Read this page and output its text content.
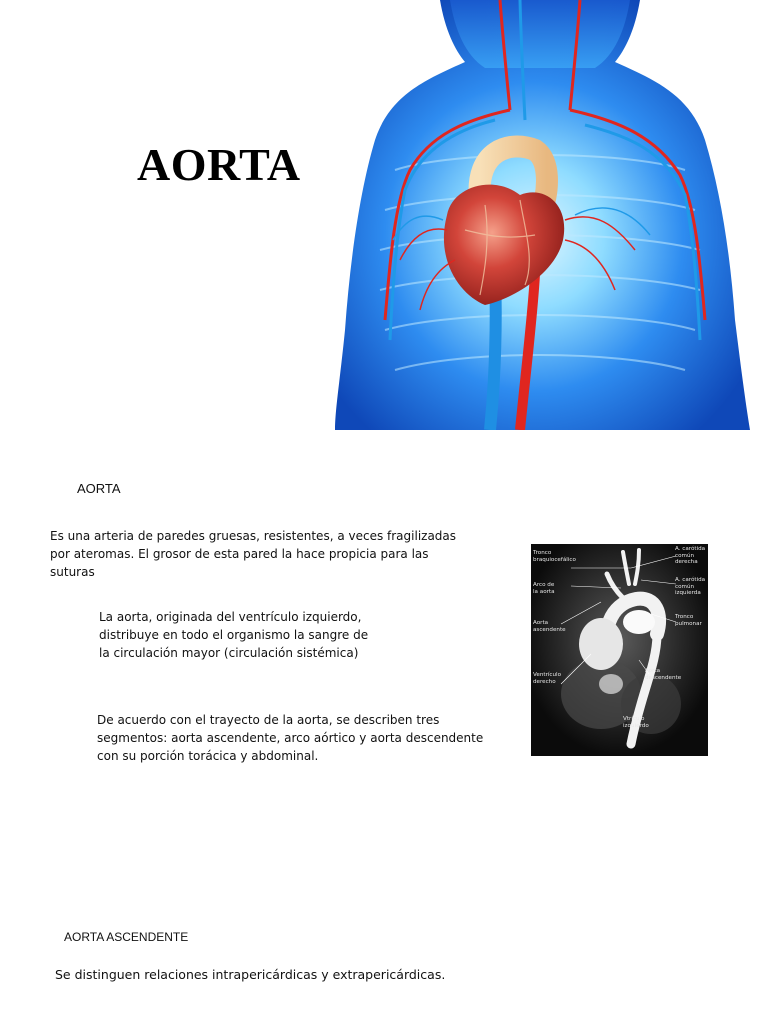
AORTA

AORTA

Es una arteria de paredes gruesas, resistentes, a veces fragilizadas
por ateromas. El grosor de esta pared la hace propicia para las
suturas

La aorta, originada del ventrículo izquierdo,
distribuye en todo el organismo la sangre de
la circulación mayor (circulación sistémica)

De acuerdo con el trayecto de la aorta, se describen tres
segmentos: aorta ascendente, arco aórtico y aorta descendente
con su porción torácica y abdominal.

Tronco
braquiocefálico
Arco de
la aorta
Aorta
ascendente
Ventrículo
derecho
A. carótida
común
derecha
A. carótida
común
izquierda
Tronco
pulmonar
Aorta
descendente
Vtrículo
izquierdo

AORTA ASCENDENTE

Se distinguen relaciones intrapericárdicas y extrapericárdicas.
